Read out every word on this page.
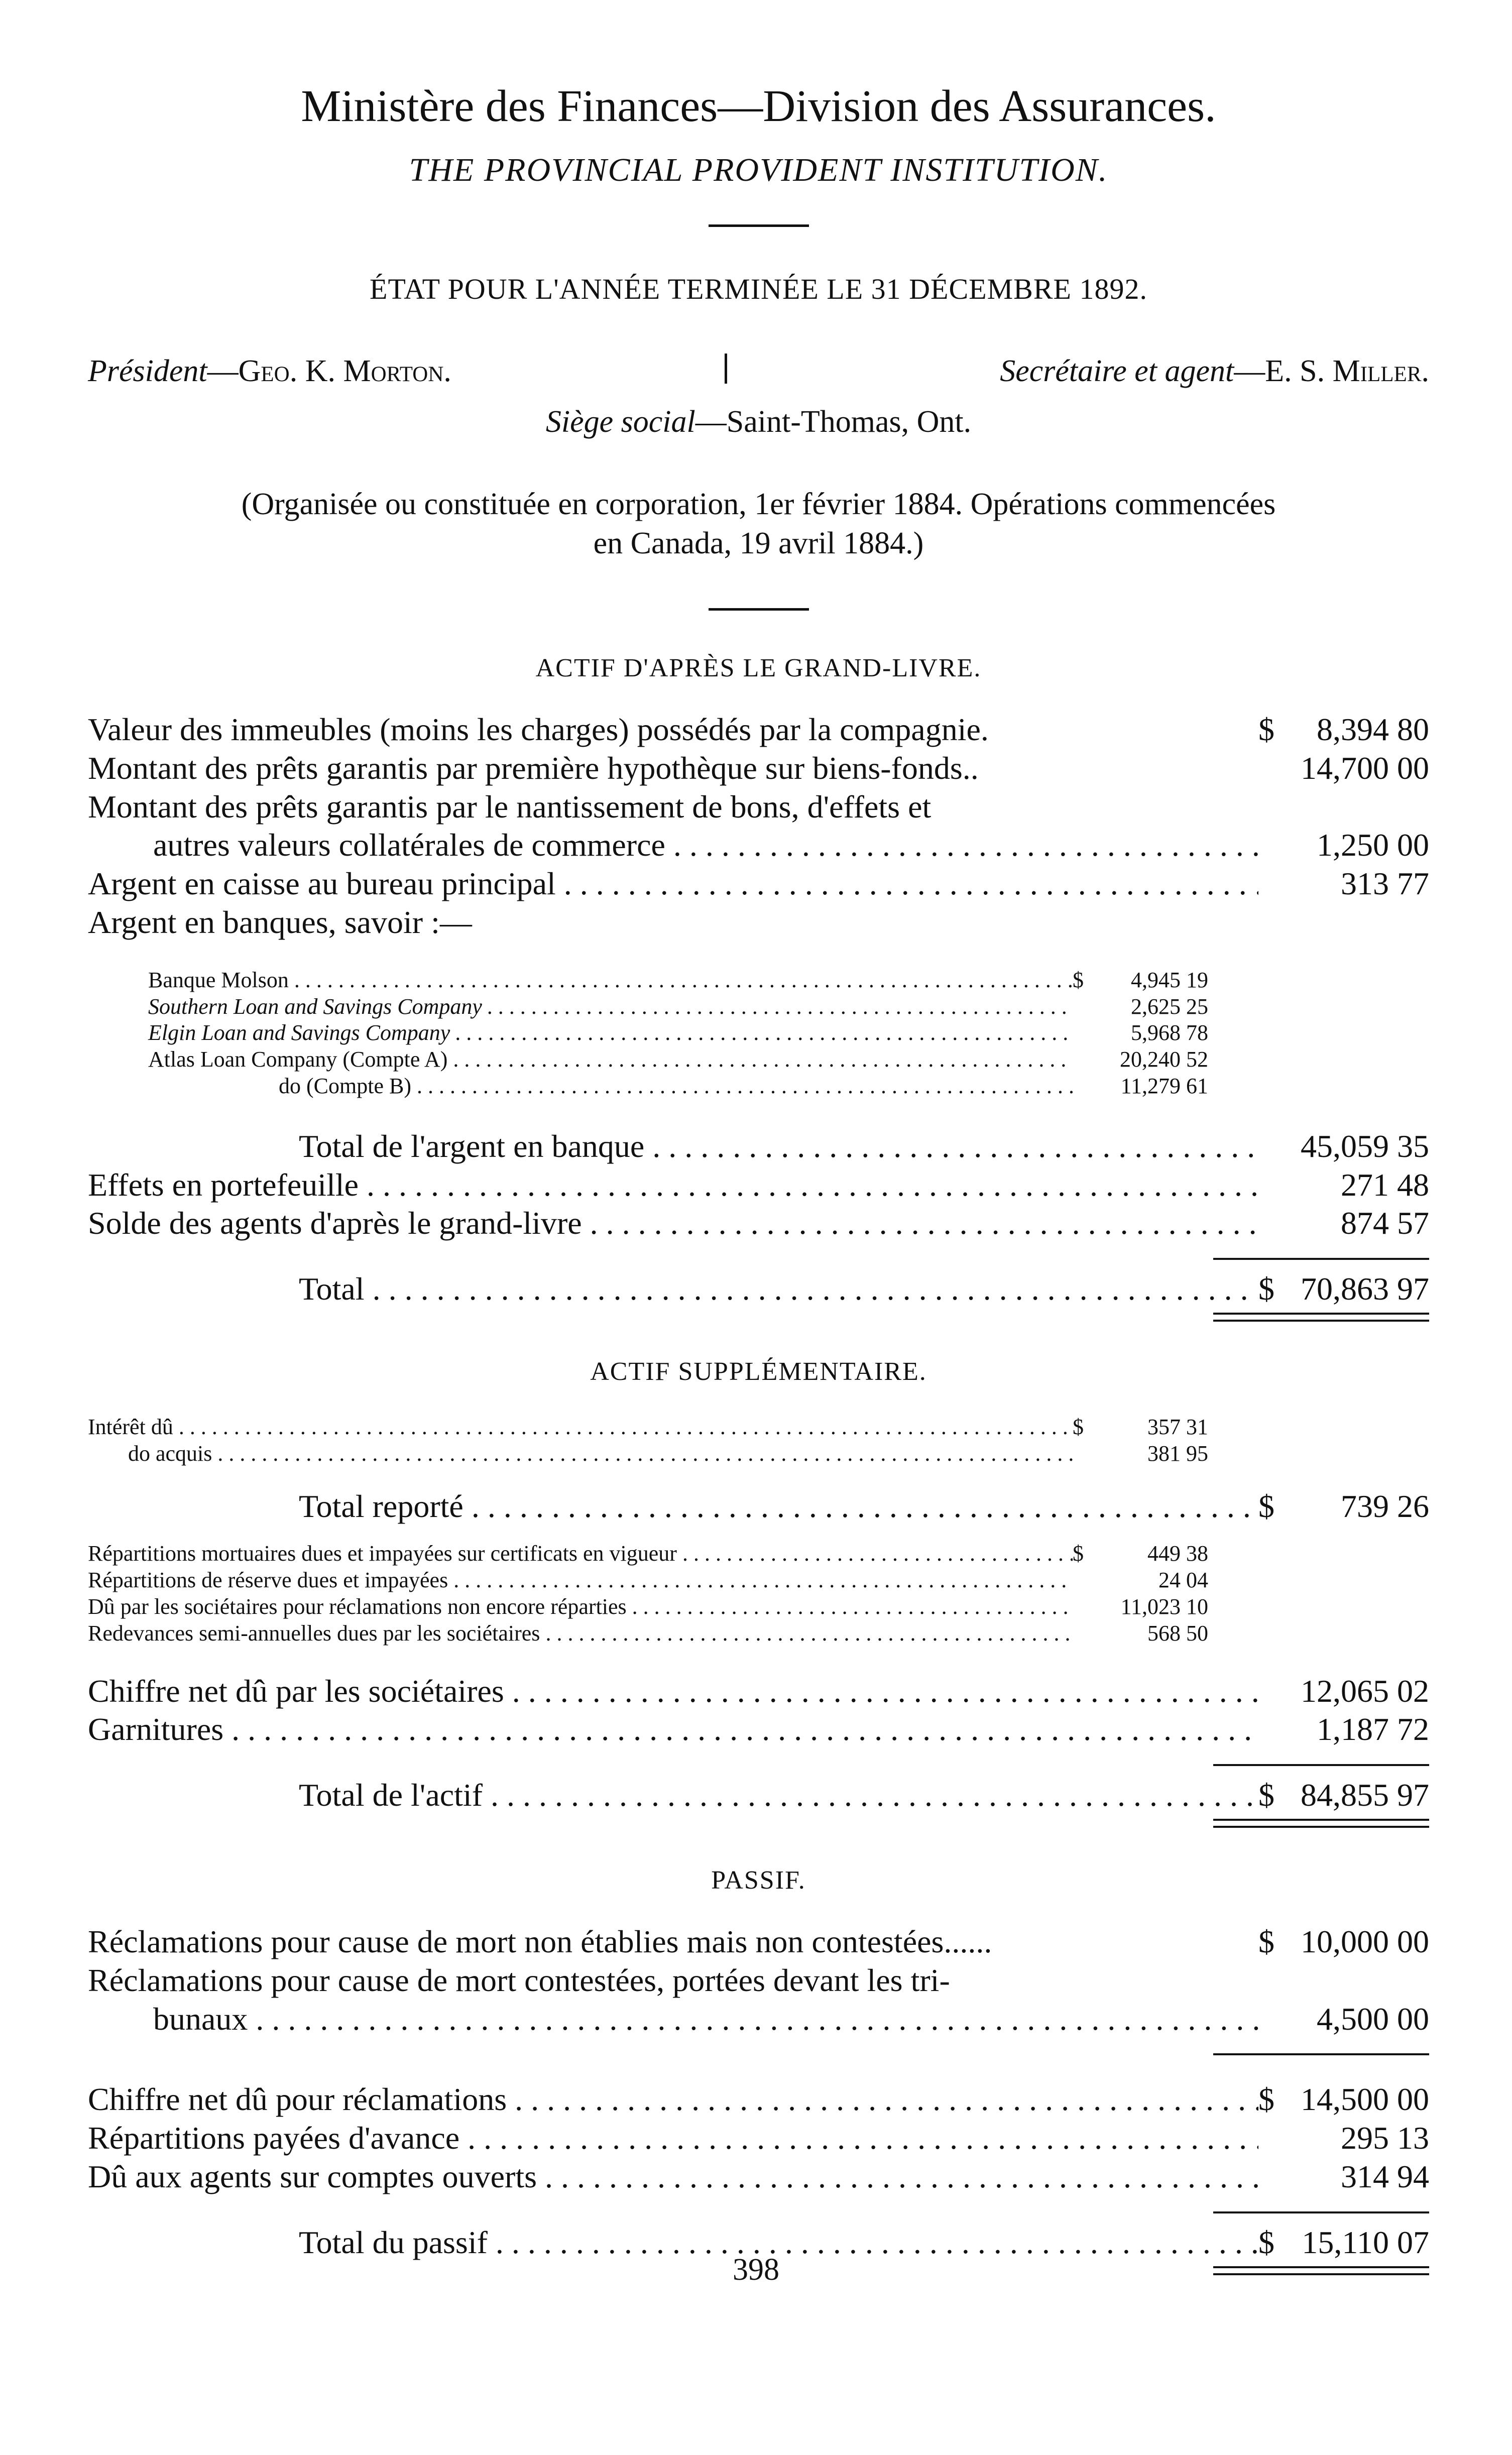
Ministère des Finances—Division des Assurances.
THE PROVINCIAL PROVIDENT INSTITUTION.
ÉTAT POUR L'ANNÉE TERMINÉE LE 31 DÉCEMBRE 1892.
Président—Geo. K. Morton.	Secrétaire et agent—E. S. Miller.
Siège social—Saint-Thomas, Ont.
(Organisée ou constituée en corporation, 1er février 1884. Opérations commencées
en Canada, 19 avril 1884.)
ACTIF D'APRÈS LE GRAND-LIVRE.
Valeur des immeubles (moins les charges) possédés par la compagnie.	$	8,394 80
Montant des prêts garantis par première hypothèque sur biens-fonds..	14,700 00
Montant des prêts garantis par le nantissement de bons, d'effets et
autres valeurs collatérales de commerce . . .	1,250 00
Argent en caisse au bureau principal . . .	313 77
Argent en banques, savoir :—
Banque Molson . . .	$	4,945 19
Southern Loan and Savings Company . . .	2,625 25
Elgin Loan and Savings Company . . .	5,968 78
Atlas Loan Company (Compte A) . . .	20,240 52
do (Compte B) . . .	11,279 61
Total de l'argent en banque . . .	45,059 35
Effets en portefeuille . . .	271 48
Solde des agents d'après le grand-livre . . .	874 57
Total . . .	$ 70,863 97
ACTIF SUPPLÉMENTAIRE.
Intérêt dû . . .	$	357 31
do acquis . . .	381 95
Total reporté . . .	$	739 26
Répartitions mortuaires dues et impayées sur certificats en vigueur . . .	$	449 38
Répartitions de réserve dues et impayées . . .	24 04
Dû par les sociétaires pour réclamations non encore réparties . . .	11,023 10
Redevances semi-annuelles dues par les sociétaires . . .	568 50
Chiffre net dû par les sociétaires . . .	12,065 02
Garnitures . . .	1,187 72
Total de l'actif . . .	$ 84,855 97
PASSIF.
Réclamations pour cause de mort non établies mais non contestées......	$ 10,000 00
Réclamations pour cause de mort contestées, portées devant les tri-
bunaux . . .	4,500 00
Chiffre net dû pour réclamations . . .	$ 14,500 00
Répartitions payées d'avance . . .	295 13
Dû aux agents sur comptes ouverts . . .	314 94
Total du passif . . .	$ 15,110 07
398
